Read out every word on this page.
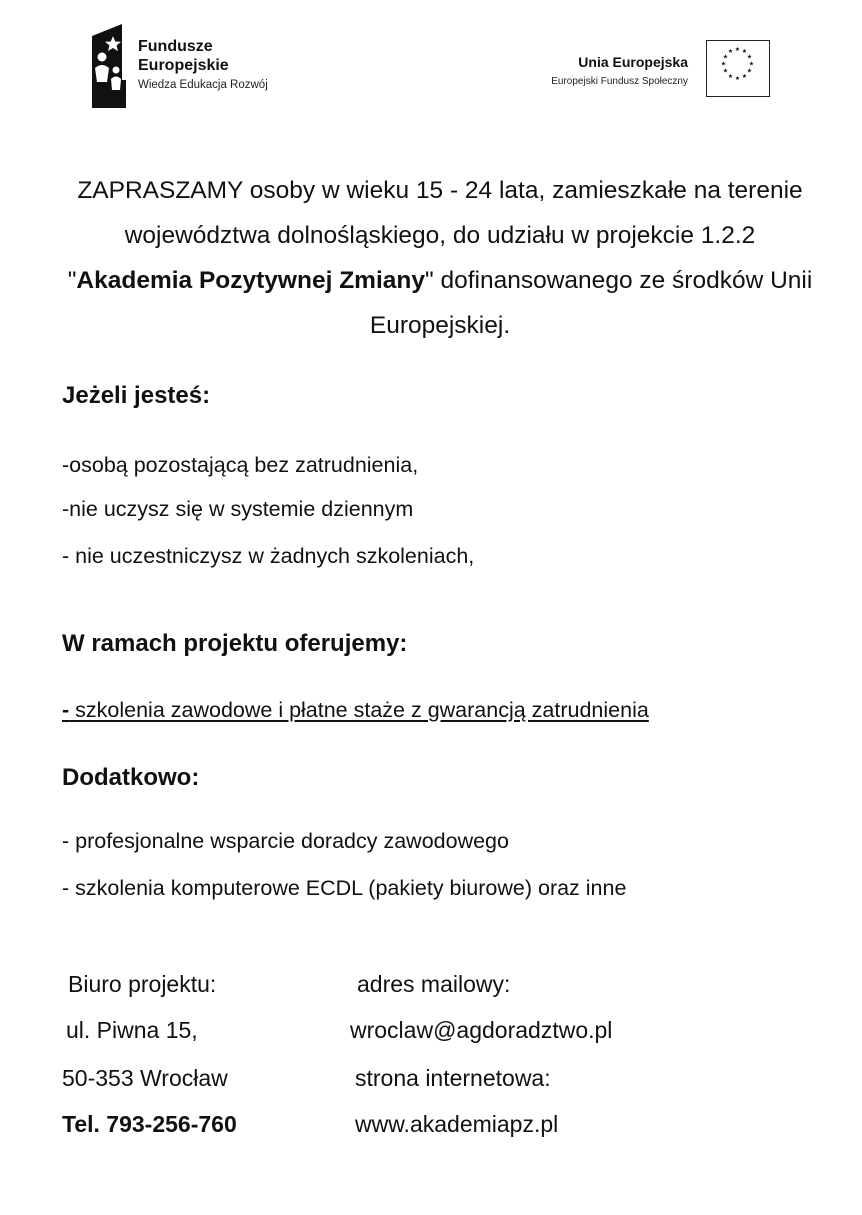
Fundusze
Europejskie
Wiedza Edukacja Rozwój
Unia Europejska
Europejski Fundusz Społeczny
★ ★
★
★
★
★
★
★
★
★
★
★
ZAPRASZAMY osoby w wieku 15 - 24 lata, zamieszkałe na terenie województwa dolnośląskiego, do udziału w projekcie 1.2.2 "Akademia Pozytywnej Zmiany" dofinansowanego ze środków Unii Europejskiej.
Jeżeli jesteś:
-osobą pozostającą bez zatrudnienia,
-nie uczysz się w systemie dziennym
- nie uczestniczysz w żadnych szkoleniach,
W ramach projektu oferujemy:
- szkolenia zawodowe i płatne staże z gwarancją zatrudnienia
Dodatkowo:
- profesjonalne wsparcie doradcy zawodowego
- szkolenia komputerowe ECDL (pakiety biurowe) oraz inne
Biuro projektu:
ul. Piwna 15,
50-353 Wrocław
Tel. 793-256-760
adres mailowy:
wroclaw@agdoradztwo.pl
strona internetowa:
www.akademiapz.pl
